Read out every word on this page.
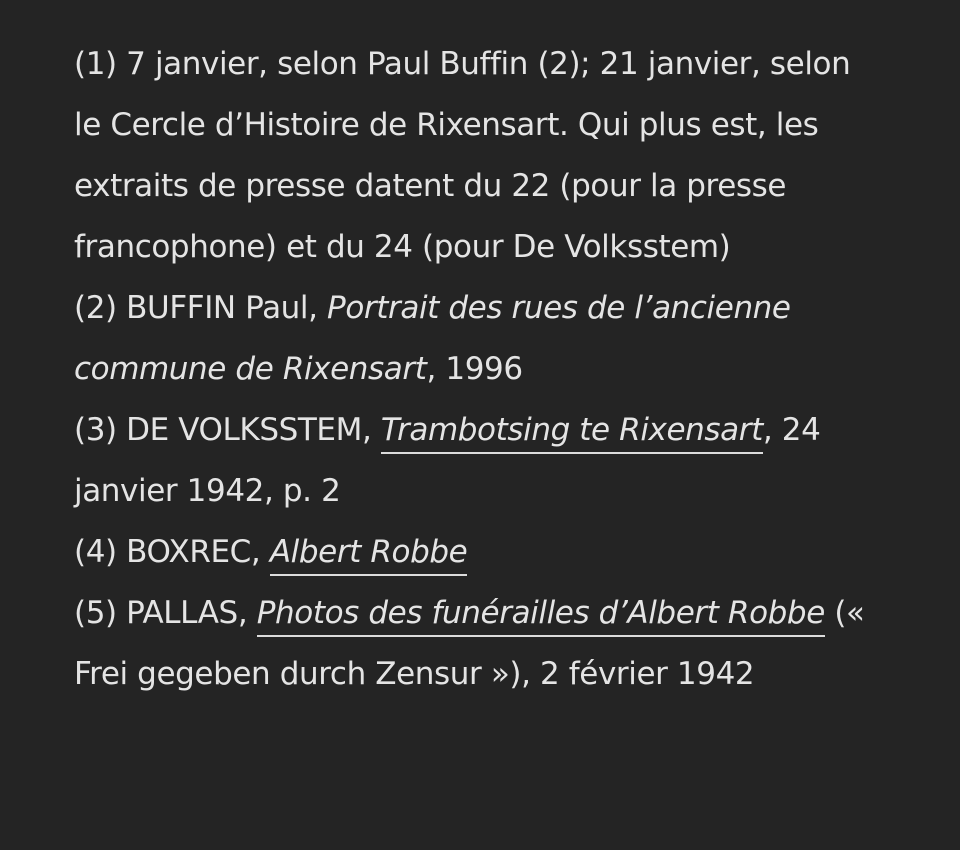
(1) 7 janvier, selon Paul Buffin (2); 21 janvier, selon le Cercle d’Histoire de Rixensart. Qui plus est, les extraits de presse datent du 22 (pour la presse francophone) et du 24 (pour De Volksstem)

(2) BUFFIN Paul, Portrait des rues de l’ancienne commune de Rixensart, 1996

(3) DE VOLKSSTEM, Trambotsing te Rixensart, 24 janvier 1942, p. 2

(4) BOXREC, Albert Robbe

(5) PALLAS, Photos des funérailles d’Albert Robbe (« Frei gegeben durch Zensur »), 2 février 1942
